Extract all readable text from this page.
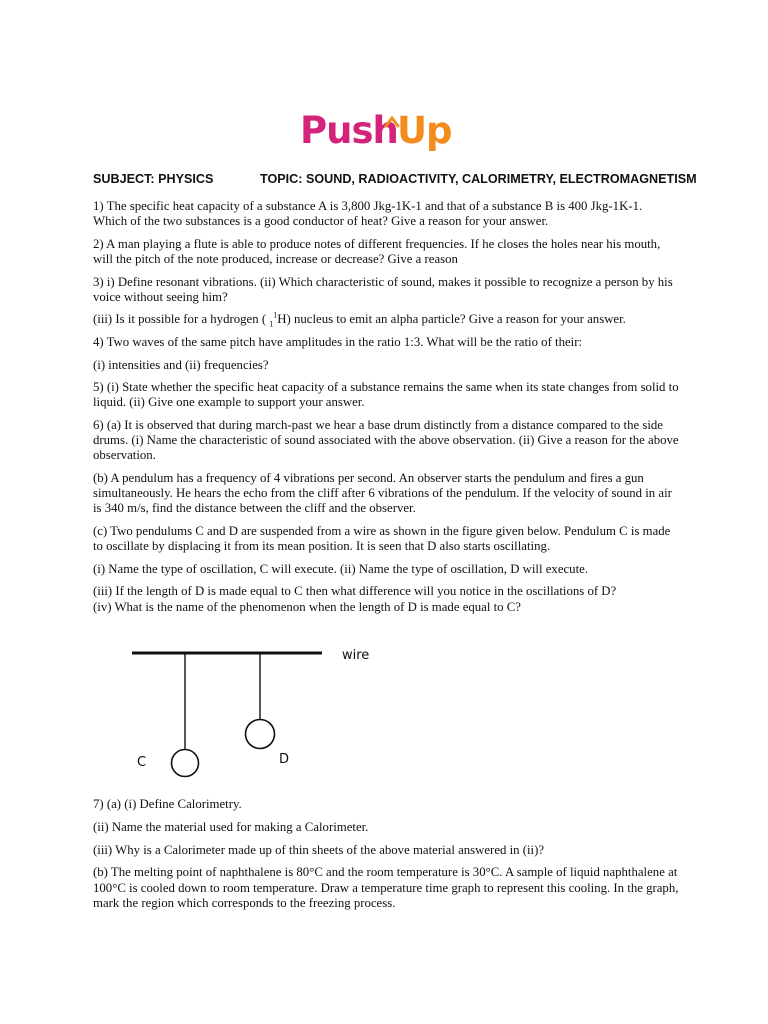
Push Up
SUBJECT: PHYSICS	TOPIC: SOUND, RADIOACTIVITY, CALORIMETRY, ELECTROMAGNETISM

1) The specific heat capacity of a substance A is 3,800 Jkg-1K-1 and that of a substance B is 400 Jkg-1K-1. Which of the two substances is a good conductor of heat? Give a reason for your answer.

2) A man playing a flute is able to produce notes of different frequencies. If he closes the holes near his mouth, will the pitch of the note produced, increase or decrease? Give a reason

3) i) Define resonant vibrations. (ii) Which characteristic of sound, makes it possible to recognize a person by his voice without seeing him?

(iii) Is it possible for a hydrogen ( $_1^1$H) nucleus to emit an alpha particle? Give a reason for your answer.

4) Two waves of the same pitch have amplitudes in the ratio 1:3. What will be the ratio of their:

(i) intensities and (ii) frequencies?

5) (i) State whether the specific heat capacity of a substance remains the same when its state changes from solid to liquid. (ii) Give one example to support your answer.

6) (a) It is observed that during march-past we hear a base drum distinctly from a distance compared to the side drums. (i) Name the characteristic of sound associated with the above observation. (ii) Give a reason for the above observation.

(b) A pendulum has a frequency of 4 vibrations per second. An observer starts the pendulum and fires a gun simultaneously. He hears the echo from the cliff after 6 vibrations of the pendulum. If the velocity of sound in air is 340 m/s, find the distance between the cliff and the observer.

(c) Two pendulums C and D are suspended from a wire as shown in the figure given below. Pendulum C is made to oscillate by displacing it from its mean position. It is seen that D also starts oscillating.

(i) Name the type of oscillation, C will execute. (ii) Name the type of oscillation, D will execute.

(iii) If the length of D is made equal to C then what difference will you notice in the oscillations of D?

(iv) What is the name of the phenomenon when the length of D is made equal to C?

wire
C	D

7) (a) (i) Define Calorimetry.

(ii) Name the material used for making a Calorimeter.

(iii) Why is a Calorimeter made up of thin sheets of the above material answered in (ii)?

(b) The melting point of naphthalene is 80°C and the room temperature is 30°C. A sample of liquid naphthalene at 100°C is cooled down to room temperature. Draw a temperature time graph to represent this cooling. In the graph, mark the region which corresponds to the freezing process.
